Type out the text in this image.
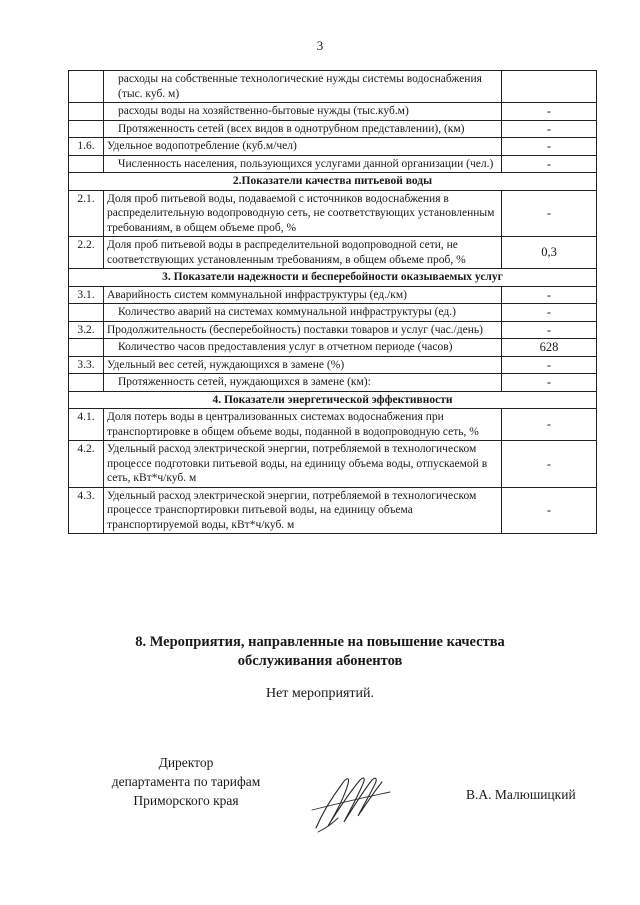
3
	расходы на собственные технологические нужды системы водоснабжения (тыс. куб. м)	
	расходы воды на хозяйственно-бытовые нужды (тыс.куб.м)	-
	Протяженность сетей (всех видов в однотрубном представлении), (км)	-
1.6.	Удельное водопотребление (куб.м/чел)	-
	Численность населения, пользующихся услугами данной организации (чел.)	-
2.Показатели качества питьевой воды		
2.1.	Доля проб питьевой воды, подаваемой с источников водоснабжения в распределительную водопроводную сеть, не соответствующих установленным требованиям, в общем объеме проб, %	-
2.2.	Доля проб питьевой воды в распределительной водопроводной сети, не соответствующих установленным требованиям, в общем объеме проб, %	0,3
3. Показатели надежности и бесперебойности оказываемых услуг		
3.1.	Аварийность систем коммунальной инфраструктуры (ед./км)	-
	Количество аварий на системах коммунальной инфраструктуры (ед.)	-
3.2.	Продолжительность (бесперебойность) поставки товаров и услуг (час./день)	-
	Количество часов предоставления услуг в отчетном периоде (часов)	628
3.3.	Удельный вес сетей, нуждающихся в замене (%)	-
	Протяженность сетей, нуждающихся в замене (км):	-
4. Показатели энергетической эффективности		
4.1.	Доля потерь воды в централизованных системах водоснабжения при транспортировке в общем объеме воды, поданной в водопроводную сеть, %	-
4.2.	Удельный расход электрической энергии, потребляемой в технологическом процессе подготовки питьевой воды, на единицу объема воды, отпускаемой в сеть, кВт*ч/куб. м	-
4.3.	Удельный расход электрической энергии, потребляемой в технологическом процессе транспортировки питьевой воды, на единицу объема транспортируемой воды, кВт*ч/куб. м	-
8. Мероприятия, направленные на повышение качества
обслуживания абонентов
Нет мероприятий.
Директор
департамента по тарифам
Приморского края	В.А. Малюшицкий
